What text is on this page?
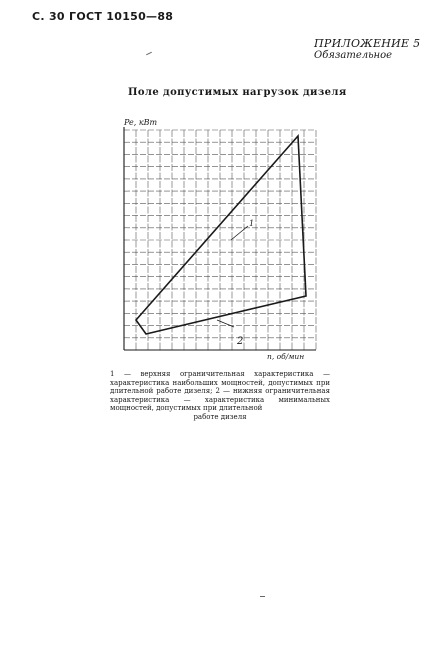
С. 30 ГОСТ 10150—88
ПРИЛОЖЕНИЕ 5
Обязательное
Поле допустимых нагрузок дизеля
Pe, кВт
n, об/мин
1
2
1 — верхняя ограничительная характеристика — характеристика наибольших мощностей, допустимых при длительной работе дизеля; 2 — нижняя ограничительная характеристика — характеристика минимальных мощностей, допустимых при длительной
работе дизеля
